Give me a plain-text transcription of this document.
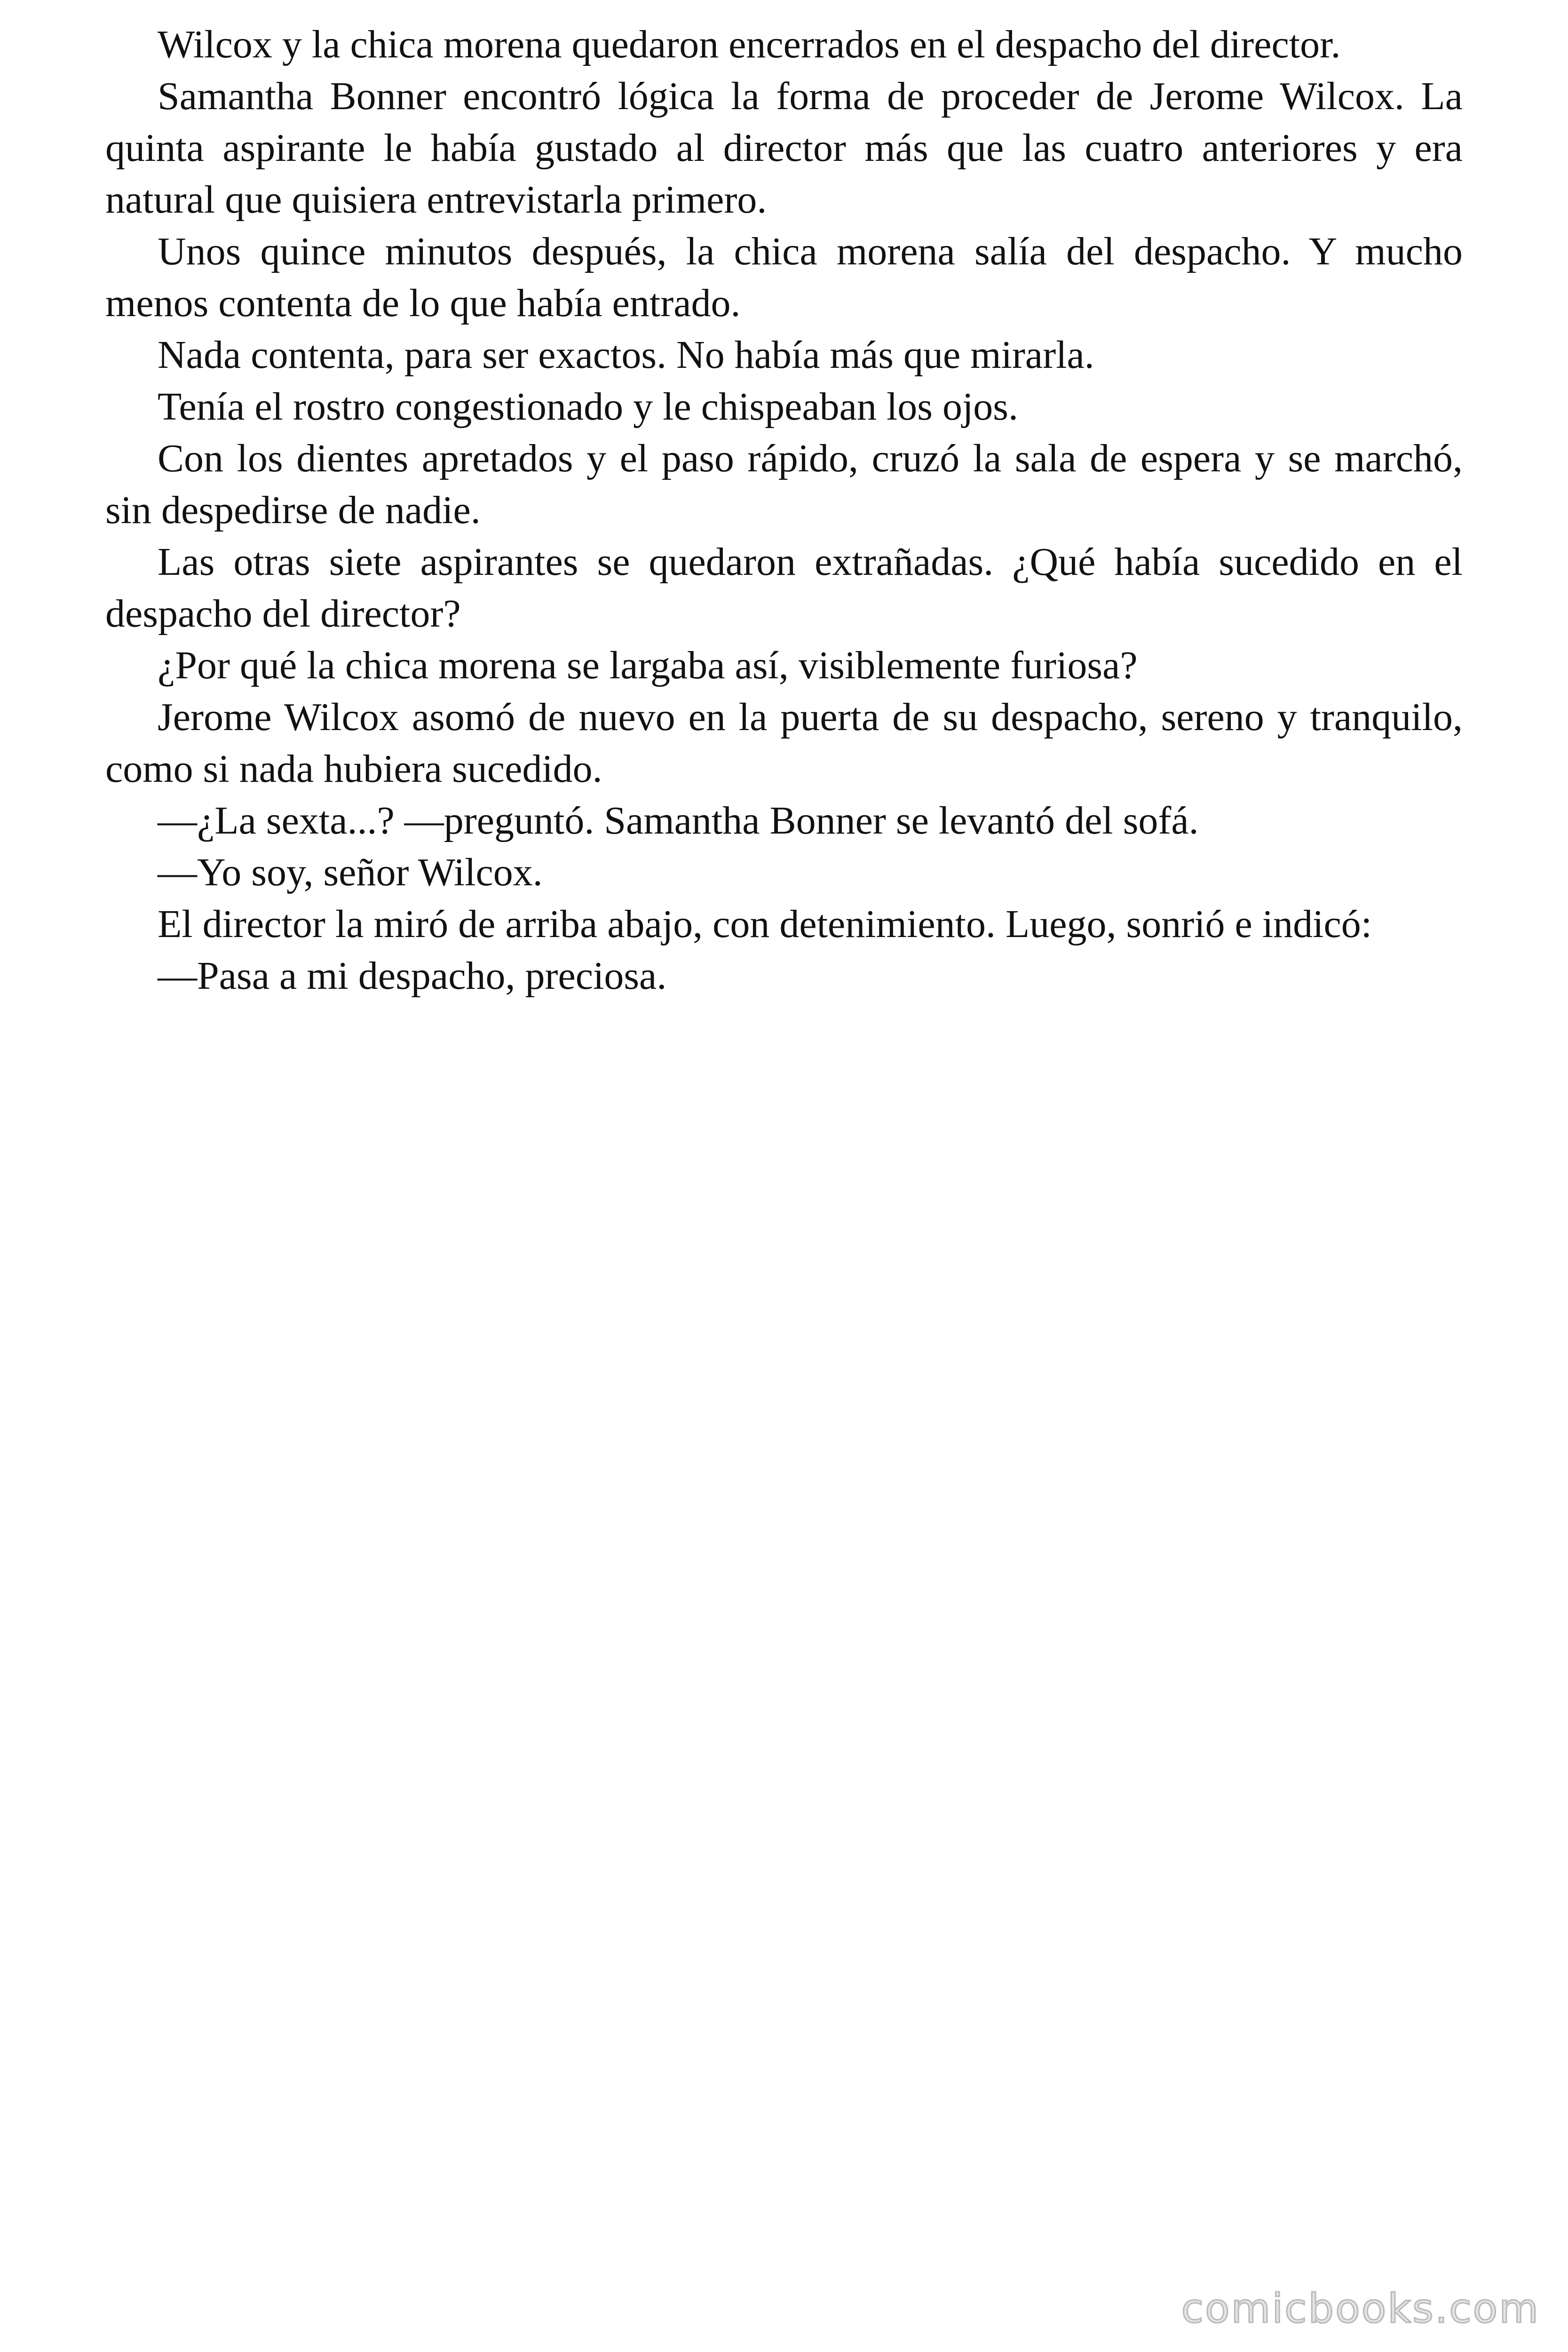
Wilcox y la chica morena quedaron encerrados en el despacho del director.

Samantha Bonner encontró lógica la forma de proceder de Jerome Wilcox. La quinta aspirante le había gustado al director más que las cuatro anteriores y era natural que quisiera entrevistarla primero.

Unos quince minutos después, la chica morena salía del despacho. Y mucho menos contenta de lo que había entrado.

Nada contenta, para ser exactos. No había más que mirarla.

Tenía el rostro congestionado y le chispeaban los ojos.

Con los dientes apretados y el paso rápido, cruzó la sala de espera y se marchó, sin despedirse de nadie.

Las otras siete aspirantes se quedaron extrañadas. ¿Qué había sucedido en el despacho del director?

¿Por qué la chica morena se largaba así, visiblemente furiosa?

Jerome Wilcox asomó de nuevo en la puerta de su despacho, sereno y tranquilo, como si nada hubiera sucedido.

—¿La sexta...? —preguntó. Samantha Bonner se levantó del sofá.

—Yo soy, señor Wilcox.

El director la miró de arriba abajo, con detenimiento. Luego, sonrió e indicó:

—Pasa a mi despacho, preciosa.

comicbooks.com
